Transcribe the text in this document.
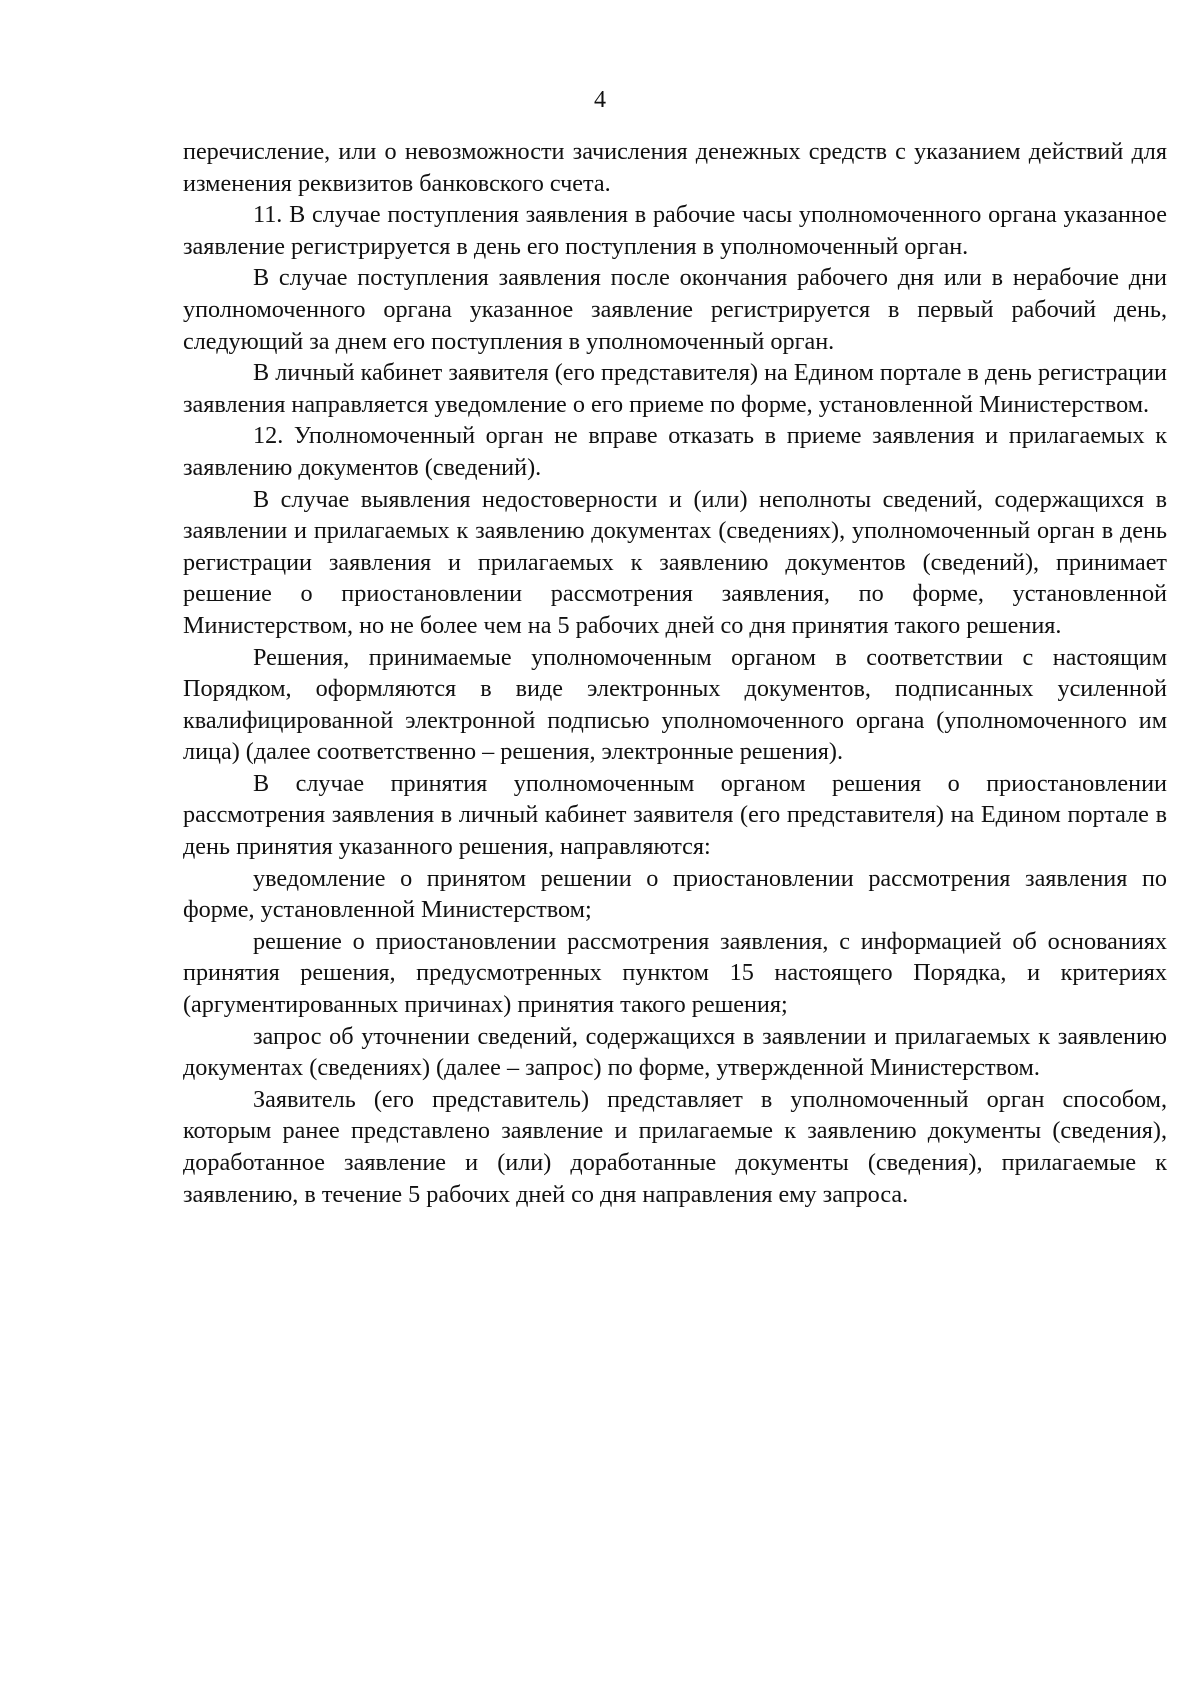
4

перечисление, или о невозможности зачисления денежных средств с указанием действий для изменения реквизитов банковского счета.

11. В случае поступления заявления в рабочие часы уполномоченного органа указанное заявление регистрируется в день его поступления в уполномоченный орган.

В случае поступления заявления после окончания рабочего дня или в нерабочие дни уполномоченного органа указанное заявление регистрируется в первый рабочий день, следующий за днем его поступления в уполномоченный орган.

В личный кабинет заявителя (его представителя) на Едином портале в день регистрации заявления направляется уведомление о его приеме по форме, установленной Министерством.

12. Уполномоченный орган не вправе отказать в приеме заявления и прилагаемых к заявлению документов (сведений).

В случае выявления недостоверности и (или) неполноты сведений, содержащихся в заявлении и прилагаемых к заявлению документах (сведениях), уполномоченный орган в день регистрации заявления и прилагаемых к заявлению документов (сведений), принимает решение о приостановлении рассмотрения заявления, по форме, установленной Министерством, но не более чем на 5 рабочих дней со дня принятия такого решения.

Решения, принимаемые уполномоченным органом в соответствии с настоящим Порядком, оформляются в виде электронных документов, подписанных усиленной квалифицированной электронной подписью уполномоченного органа (уполномоченного им лица) (далее соответственно – решения, электронные решения).

В случае принятия уполномоченным органом решения о приостановлении рассмотрения заявления в личный кабинет заявителя (его представителя) на Едином портале в день принятия указанного решения, направляются:

уведомление о принятом решении о приостановлении рассмотрения заявления по форме, установленной Министерством;

решение о приостановлении рассмотрения заявления, с информацией об основаниях принятия решения, предусмотренных пунктом 15 настоящего Порядка, и критериях (аргументированных причинах) принятия такого решения;

запрос об уточнении сведений, содержащихся в заявлении и прилагаемых к заявлению документах (сведениях) (далее – запрос) по форме, утвержденной Министерством.

Заявитель (его представитель) представляет в уполномоченный орган способом, которым ранее представлено заявление и прилагаемые к заявлению документы (сведения), доработанное заявление и (или) доработанные документы (сведения), прилагаемые к заявлению, в течение 5 рабочих дней со дня направления ему запроса.
